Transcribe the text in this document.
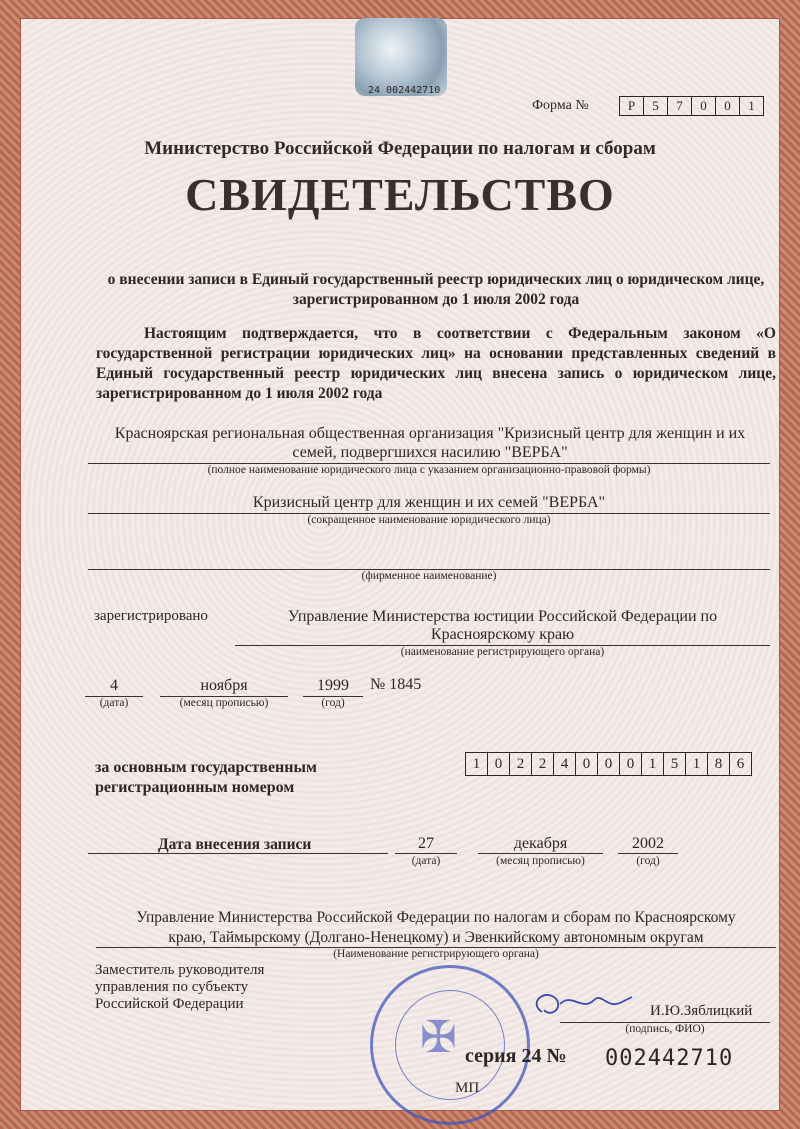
24 002442710
Форма №	Р	5	7	0	0	1
Министерство Российской Федерации по налогам и сборам
СВИДЕТЕЛЬСТВО
о внесении записи в Единый государственный реестр юридических лиц о юридическом лице, зарегистрированном до 1 июля 2002 года
Настоящим подтверждается, что в соответствии с Федеральным законом «О государственной регистрации юридических лиц» на основании представленных сведений в Единый государственный реестр юридических лиц внесена запись о юридическом лице, зарегистрированном до 1 июля 2002 года
Красноярская региональная общественная организация "Кризисный центр для женщин и их
семей, подвергшихся насилию "ВЕРБА"
(полное наименование юридического лица с указанием организационно-правовой формы)
Кризисный центр для женщин и их семей "ВЕРБА"
(сокращенное наименование юридического лица)
(фирменное наименование)
зарегистрировано	Управление Министерства юстиции Российской Федерации по
Красноярскому краю
(наименование регистрирующего органа)
4
(дата)
ноября
(месяц прописью)
1999
(год)
№ 1845
за основным государственным
регистрационным номером
1 0 2 2 4 0 0 0 1 5 1 8 6
Дата внесения записи	27
(дата)
декабря
(месяц прописью)
2002
(год)
Управление Министерства Российской Федерации по налогам и сборам по Красноярскому
краю, Таймырскому (Долгано-Ненецкому) и Эвенкийскому автономным округам
(Наименование регистрирующего органа)
Заместитель руководителя
управления по субъекту
Российской Федерации
✠
И.Ю.Зяблицкий
(подпись, ФИО)
серия 24 № 002442710
МП
